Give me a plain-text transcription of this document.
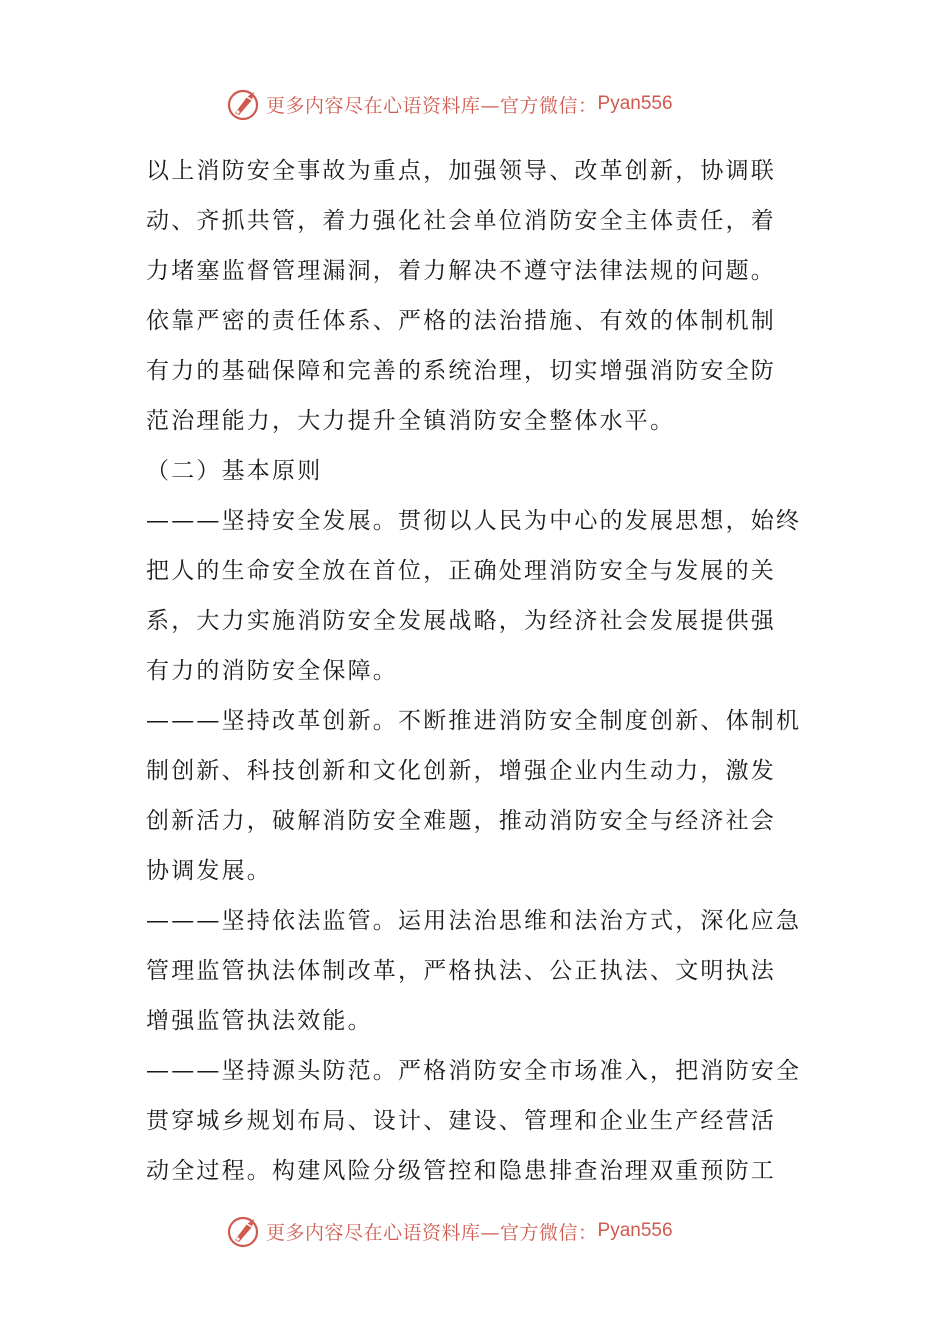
更多内容尽在心语资料库—官方微信： Pyan556
以上消防安全事故为重点，加强领导、改革创新，协调联
动、齐抓共管，着力强化社会单位消防安全主体责任，着
力堵塞监督管理漏洞，着力解决不遵守法律法规的问题。
依靠严密的责任体系、严格的法治措施、有效的体制机制
有力的基础保障和完善的系统治理，切实增强消防安全防
范治理能力，大力提升全镇消防安全整体水平。
（二）基本原则
———坚持安全发展。贯彻以人民为中心的发展思想，始终
把人的生命安全放在首位，正确处理消防安全与发展的关
系，大力实施消防安全发展战略，为经济社会发展提供强
有力的消防安全保障。
———坚持改革创新。不断推进消防安全制度创新、体制机
制创新、科技创新和文化创新，增强企业内生动力，激发
创新活力，破解消防安全难题，推动消防安全与经济社会
协调发展。
———坚持依法监管。运用法治思维和法治方式，深化应急
管理监管执法体制改革，严格执法、公正执法、文明执法
增强监管执法效能。
———坚持源头防范。严格消防安全市场准入，把消防安全
贯穿城乡规划布局、设计、建设、管理和企业生产经营活
动全过程。构建风险分级管控和隐患排查治理双重预防工
更多内容尽在心语资料库—官方微信： Pyan556
